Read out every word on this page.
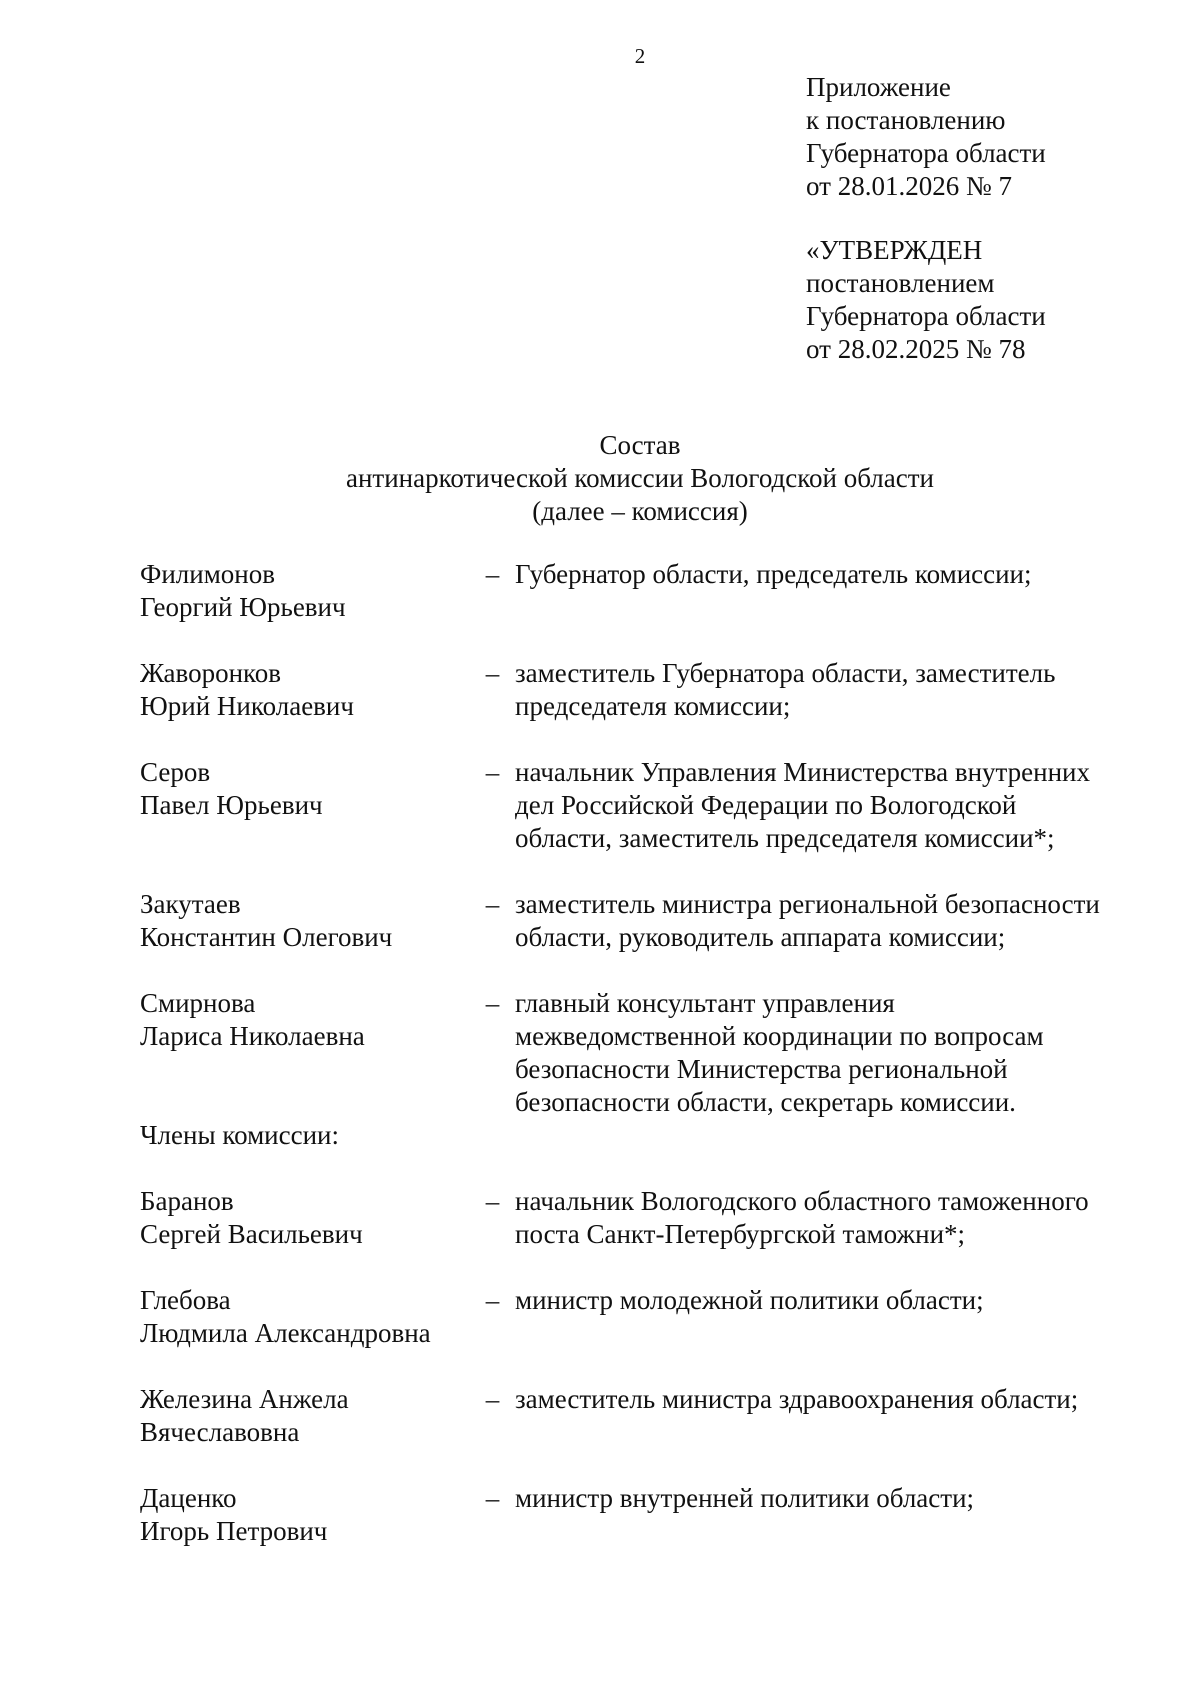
2
Приложение
к постановлению
Губернатора области
от 28.01.2026 № 7
«УТВЕРЖДЕН
постановлением
Губернатора области
от 28.02.2025 № 78
Состав
антинаркотической комиссии Вологодской области
(далее – комиссия)
Филимонов
Георгий Юрьевич
– Губернатор области, председатель комиссии;
Жаворонков
Юрий Николаевич
– заместитель Губернатора области, заместитель
председателя комиссии;
Серов
Павел Юрьевич
– начальник Управления Министерства внутренних
дел Российской Федерации по Вологодской
области, заместитель председателя комиссии*;
Закутаев
Константин Олегович
– заместитель министра региональной безопасности
области, руководитель аппарата комиссии;
Смирнова
Лариса Николаевна

Члены комиссии:
– главный консультант управления
межведомственной координации по вопросам
безопасности Министерства региональной
безопасности области, секретарь комиссии.
Баранов
Сергей Васильевич
– начальник Вологодского областного таможенного
поста Санкт-Петербургской таможни*;
Глебова
Людмила Александровна
– министр молодежной политики области;
Железина Анжела
Вячеславовна
– заместитель министра здравоохранения области;
Даценко
Игорь Петрович
– министр внутренней политики области;
